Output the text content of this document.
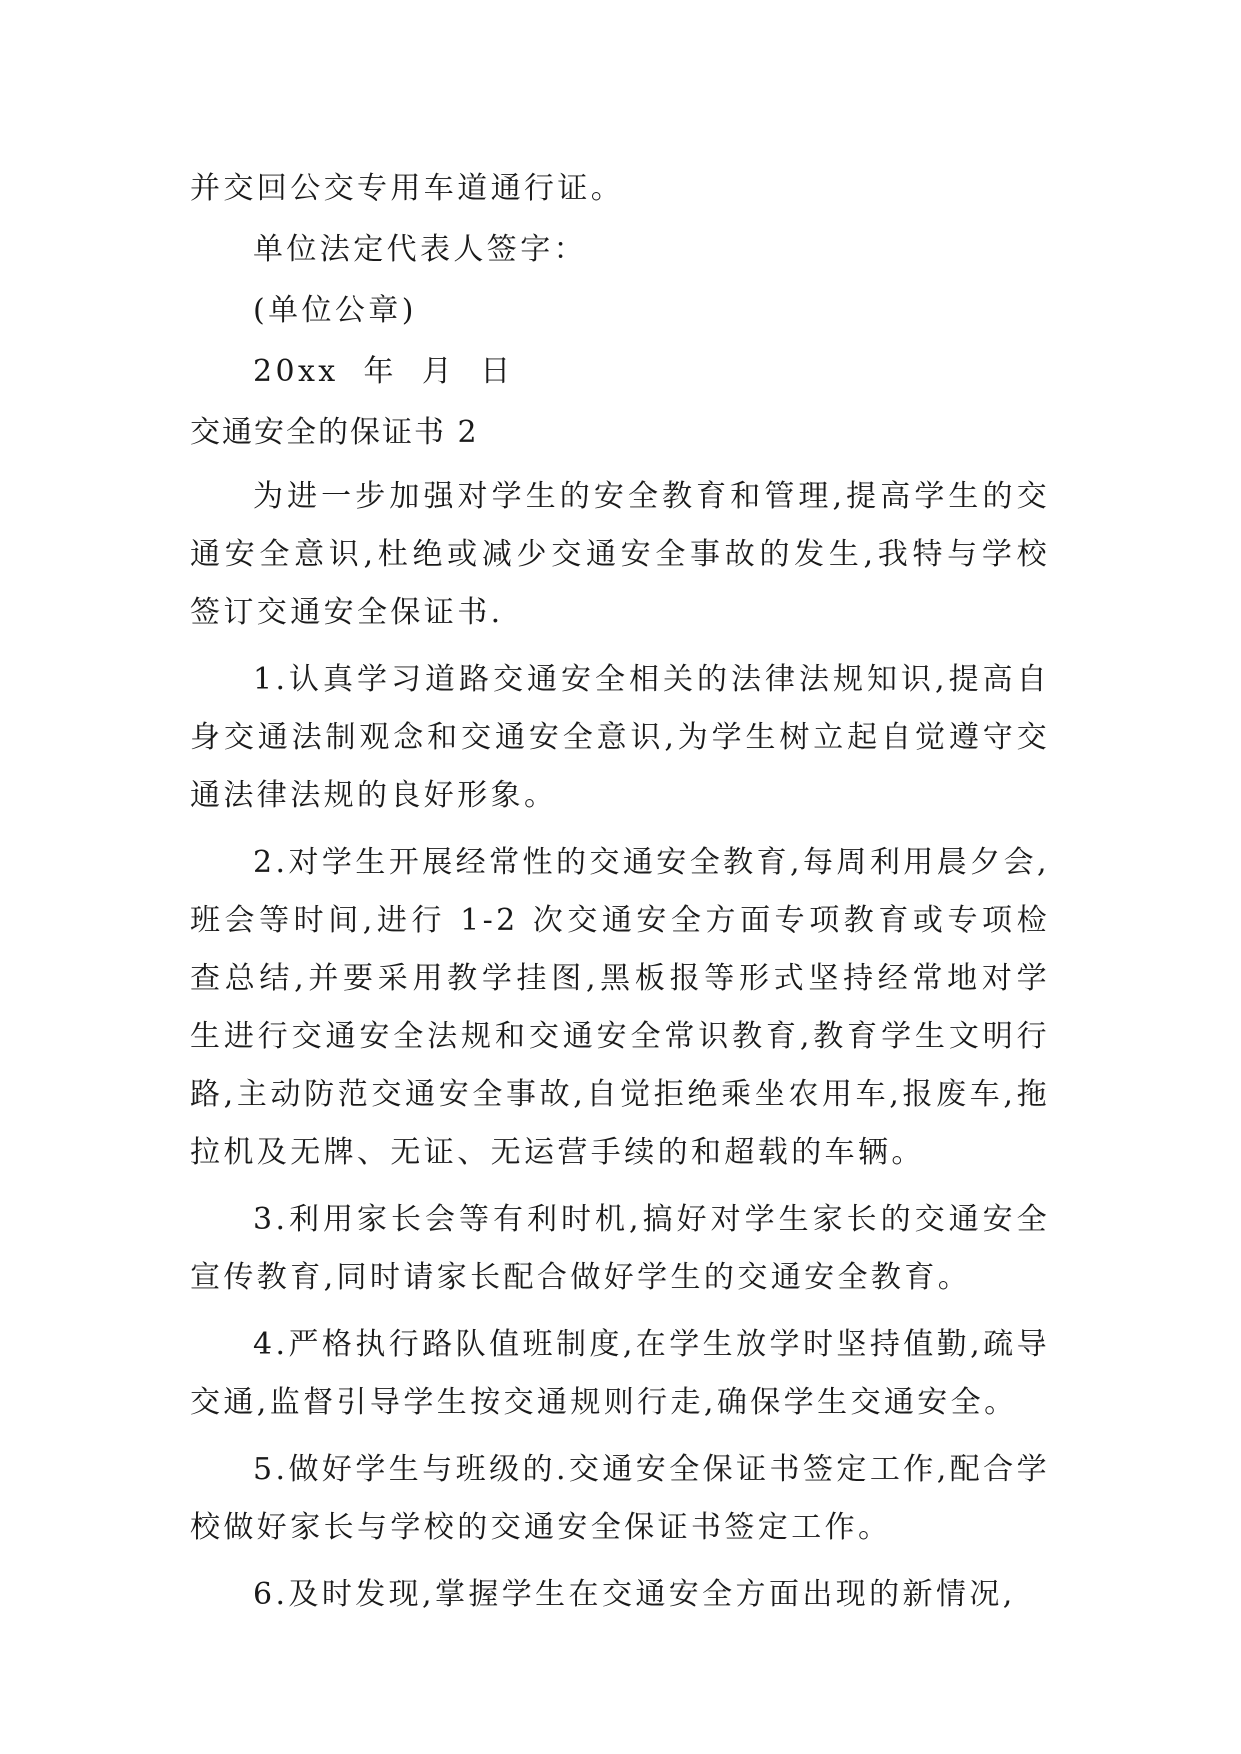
并交回公交专用车道通行证。
单位法定代表人签字：
(单位公章)
20xx 年 月 日
交通安全的保证书 2

为进一步加强对学生的安全教育和管理,提高学生的交通安全意识,杜绝或减少交通安全事故的发生,我特与学校签订交通安全保证书.

1.认真学习道路交通安全相关的法律法规知识,提高自身交通法制观念和交通安全意识,为学生树立起自觉遵守交通法律法规的良好形象。

2.对学生开展经常性的交通安全教育,每周利用晨夕会,班会等时间,进行 1-2 次交通安全方面专项教育或专项检查总结,并要采用教学挂图,黑板报等形式坚持经常地对学生进行交通安全法规和交通安全常识教育,教育学生文明行路,主动防范交通安全事故,自觉拒绝乘坐农用车,报废车,拖拉机及无牌、无证、无运营手续的和超载的车辆。

3.利用家长会等有利时机,搞好对学生家长的交通安全宣传教育,同时请家长配合做好学生的交通安全教育。

4.严格执行路队值班制度,在学生放学时坚持值勤,疏导交通,监督引导学生按交通规则行走,确保学生交通安全。

5.做好学生与班级的.交通安全保证书签定工作,配合学校做好家长与学校的交通安全保证书签定工作。

6.及时发现,掌握学生在交通安全方面出现的新情况,
